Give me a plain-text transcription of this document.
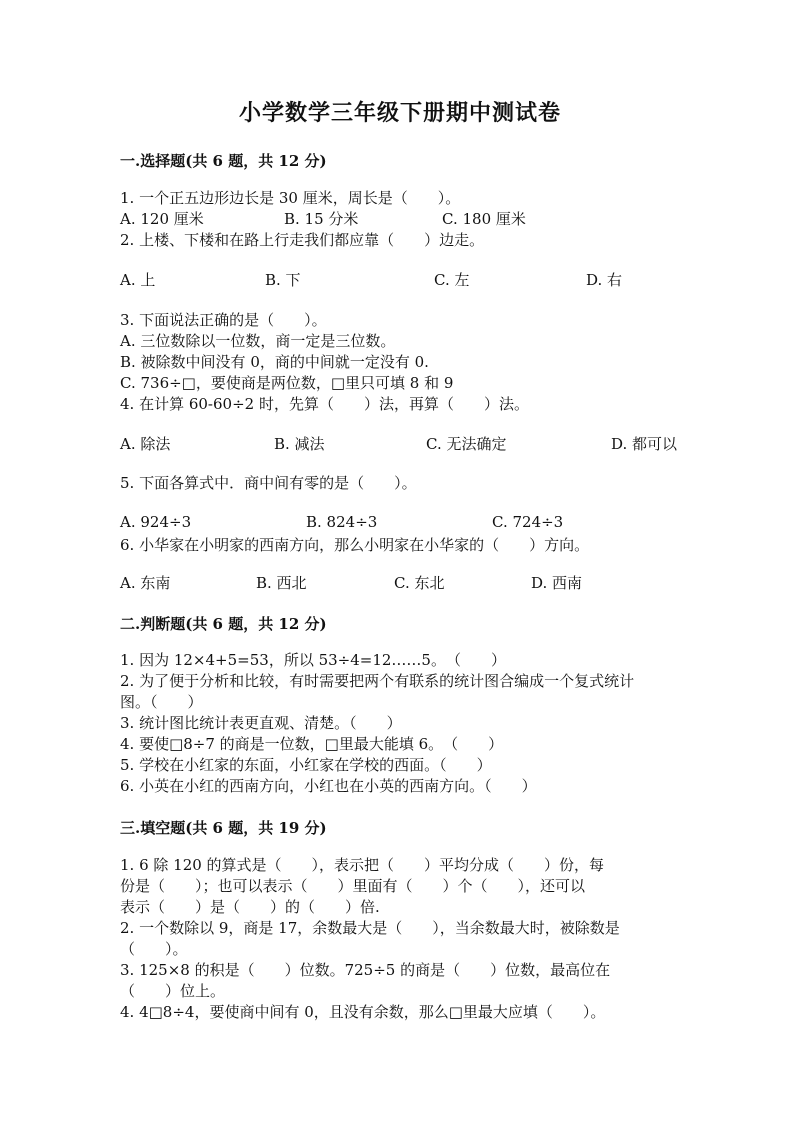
小学数学三年级下册期中测试卷
一.选择题(共 6 题，共 12 分)
1. 一个正五边形边长是 30 厘米，周长是（　　）。
A. 120 厘米	B. 15 分米	C. 180 厘米
2. 上楼、下楼和在路上行走我们都应靠（　　）边走。
A. 上	B. 下	C. 左	D. 右
3. 下面说法正确的是（　　）。
A. 三位数除以一位数，商一定是三位数。
B. 被除数中间没有 0，商的中间就一定没有 0.
C. 736÷□，要使商是两位数，□里只可填 8 和 9
4. 在计算 60-60÷2 时，先算（　　）法，再算（　　）法。
A. 除法	B. 减法	C. 无法确定	D. 都可以
5. 下面各算式中．商中间有零的是（　　）。
A. 924÷3	B. 824÷3	C. 724÷3
6. 小华家在小明家的西南方向，那么小明家在小华家的（　　）方向。
A. 东南	B. 西北	C. 东北	D. 西南
二.判断题(共 6 题，共 12 分)
1. 因为 12×4+5=53，所以 53÷4=12……5。　（　　）
2. 为了便于分析和比较，有时需要把两个有联系的统计图合编成一个复式统计
图。（　　）
3. 统计图比统计表更直观、清楚。（　　）
4. 要使□8÷7 的商是一位数，□里最大能填 6。　（　　）
5. 学校在小红家的东面，小红家在学校的西面。（　　）
6. 小英在小红的西南方向，小红也在小英的西南方向。（　　）
三.填空题(共 6 题，共 19 分)
1. 6 除 120 的算式是（　　），表示把（　　）平均分成（　　）份，每
份是（　　）；也可以表示（　　）里面有（　　）个（　　），还可以
表示（　　）是（　　）的（　　）倍.
2. 一个数除以 9，商是 17，余数最大是（　　），当余数最大时，被除数是
（　　）。
3. 125×8 的积是（　　）位数。725÷5 的商是（　　）位数，最高位在
（　　）位上。
4. 4□8÷4，要使商中间有 0，且没有余数，那么□里最大应填（　　）。
